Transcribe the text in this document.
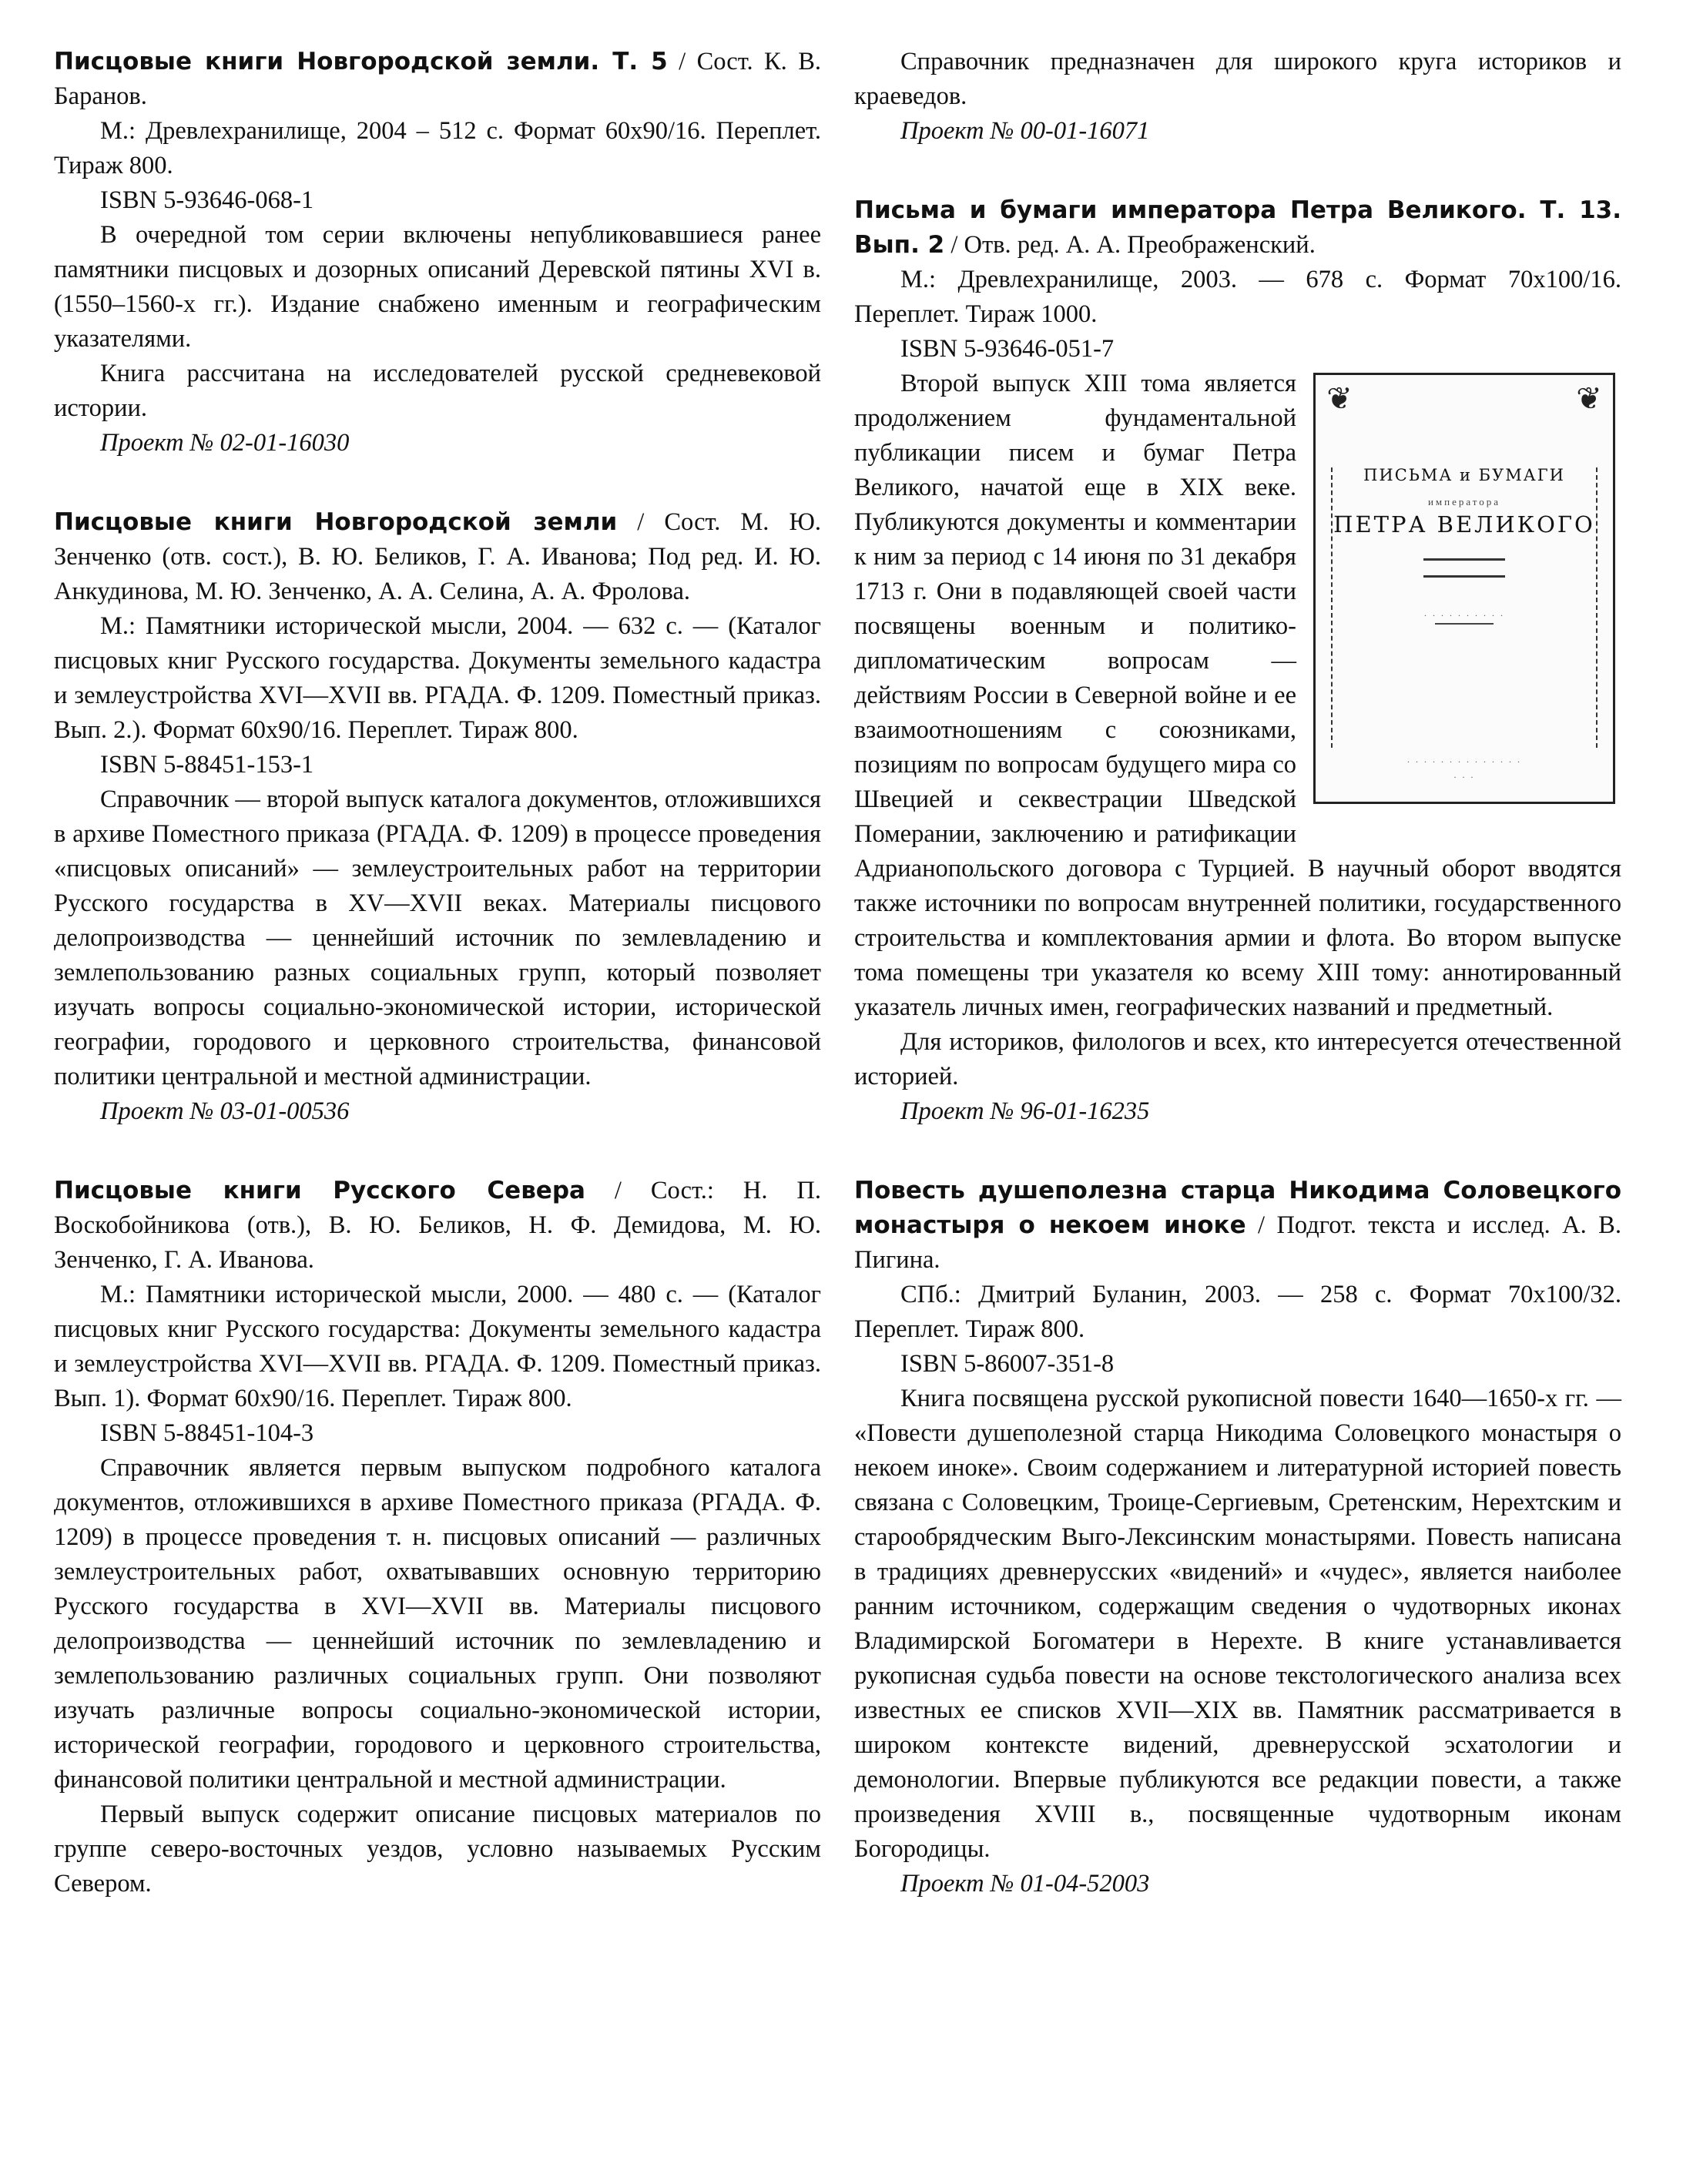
Писцовые книги Новгородской земли. Т. 5 / Сост. К. В. Баранов.

М.: Древлехранилище, 2004 – 512 с. Формат 60х90/16. Переплет. Тираж 800.

ISBN 5-93646-068-1

В очередной том серии включены непубликовавшиеся ранее памятники писцовых и дозорных описаний Деревской пятины XVI в. (1550–1560-х гг.). Издание снабжено именным и географическим указателями.

Книга рассчитана на исследователей русской средневековой истории.

Проект № 02-01-16030

Писцовые книги Новгородской земли / Сост. М. Ю. Зенченко (отв. сост.), В. Ю. Беликов, Г. А. Иванова; Под ред. И. Ю. Анкудинова, М. Ю. Зенченко, А. А. Селина, А. А. Фролова.

М.: Памятники исторической мысли, 2004. — 632 с. — (Каталог писцовых книг Русского государства. Документы земельного кадастра и землеустройства XVI—XVII вв. РГАДА. Ф. 1209. Поместный приказ. Вып. 2.). Формат 60х90/16. Переплет. Тираж 800.

ISBN 5-88451-153-1

Справочник — второй выпуск каталога документов, отложившихся в архиве Поместного приказа (РГАДА. Ф. 1209) в процессе проведения «писцовых описаний» — землеустроительных работ на территории Русского государства в XV—XVII веках. Материалы писцового делопроизводства — ценнейший источник по землевладению и землепользованию разных социальных групп, который позволяет изучать вопросы социально-экономической истории, исторической географии, городового и церковного строительства, финансовой политики центральной и местной администрации.

Проект № 03-01-00536

Писцовые книги Русского Севера / Сост.: Н. П. Воскобойникова (отв.), В. Ю. Беликов, Н. Ф. Демидова, М. Ю. Зенченко, Г. А. Иванова.

М.: Памятники исторической мысли, 2000. — 480 с. — (Каталог писцовых книг Русского государства: Документы земельного кадастра и землеустройства XVI—XVII вв. РГАДА. Ф. 1209. Поместный приказ. Вып. 1). Формат 60х90/16. Переплет. Тираж 800.

ISBN 5-88451-104-3

Справочник является первым выпуском подробного каталога документов, отложившихся в архиве Поместного приказа (РГАДА. Ф. 1209) в процессе проведения т. н. писцовых описаний — различных землеустроительных работ, охватывавших основную территорию Русского государства в XVI—XVII вв. Материалы писцового делопроизводства — ценнейший источник по землевладению и землепользованию различных социальных групп. Они позволяют изучать различные вопросы социально-экономической истории, исторической географии, городового и церковного строительства, финансовой политики центральной и местной администрации.

Первый выпуск содержит описание писцовых материалов по группе северо-восточных уездов, условно называемых Русским Севером.

Справочник предназначен для широкого круга историков и краеведов.

Проект № 00-01-16071

Письма и бумаги императора Петра Великого. Т. 13. Вып. 2 / Отв. ред. А. А. Преображенский.

М.: Древлехранилище, 2003. — 678 с. Формат 70х100/16. Переплет. Тираж 1000.

ISBN 5-93646-051-7

❦	❦
ПИСЬМА и БУМАГИ
императора
ПЕТРА ВЕЛИКОГО
· · · · · · · · · ·
· · · · · · · · · · · · · ·
· · ·

Второй выпуск XIII тома является продолжением фундаментальной публикации писем и бумаг Петра Великого, начатой еще в XIX веке. Публикуются документы и комментарии к ним за период с 14 июня по 31 декабря 1713 г. Они в подавляющей своей части посвящены военным и политико-дипломатическим вопросам — действиям России в Северной войне и ее взаимоотношениям с союзниками, позициям по вопросам будущего мира со Швецией и секвестрации Шведской Померании, заключению и ратификации Адрианопольского договора с Турцией. В научный оборот вводятся также источники по вопросам внутренней политики, государственного строительства и комплектования армии и флота. Во втором выпуске тома помещены три указателя ко всему XIII тому: аннотированный указатель личных имен, географических названий и предметный.

Для историков, филологов и всех, кто интересуется отечественной историей.

Проект № 96-01-16235

Повесть душеполезна старца Никодима Соловецкого монастыря о некоем иноке / Подгот. текста и исслед. А. В. Пигина.

СПб.: Дмитрий Буланин, 2003. — 258 с. Формат 70х100/32. Переплет. Тираж 800.

ISBN 5-86007-351-8

Книга посвящена русской рукописной повести 1640—1650-х гг. — «Повести душеполезной старца Никодима Соловецкого монастыря о некоем иноке». Своим содержанием и литературной историей повесть связана с Соловецким, Троице-Сергиевым, Сретенским, Нерехтским и старообрядческим Выго-Лексинским монастырями. Повесть написана в традициях древнерусских «видений» и «чудес», является наиболее ранним источником, содержащим сведения о чудотворных иконах Владимирской Богоматери в Нерехте. В книге устанавливается рукописная судьба повести на основе текстологического анализа всех известных ее списков XVII—XIX вв. Памятник рассматривается в широком контексте видений, древнерусской эсхатологии и демонологии. Впервые публикуются все редакции повести, а также произведения XVIII в., посвященные чудотворным иконам Богородицы.

Проект № 01-04-52003
